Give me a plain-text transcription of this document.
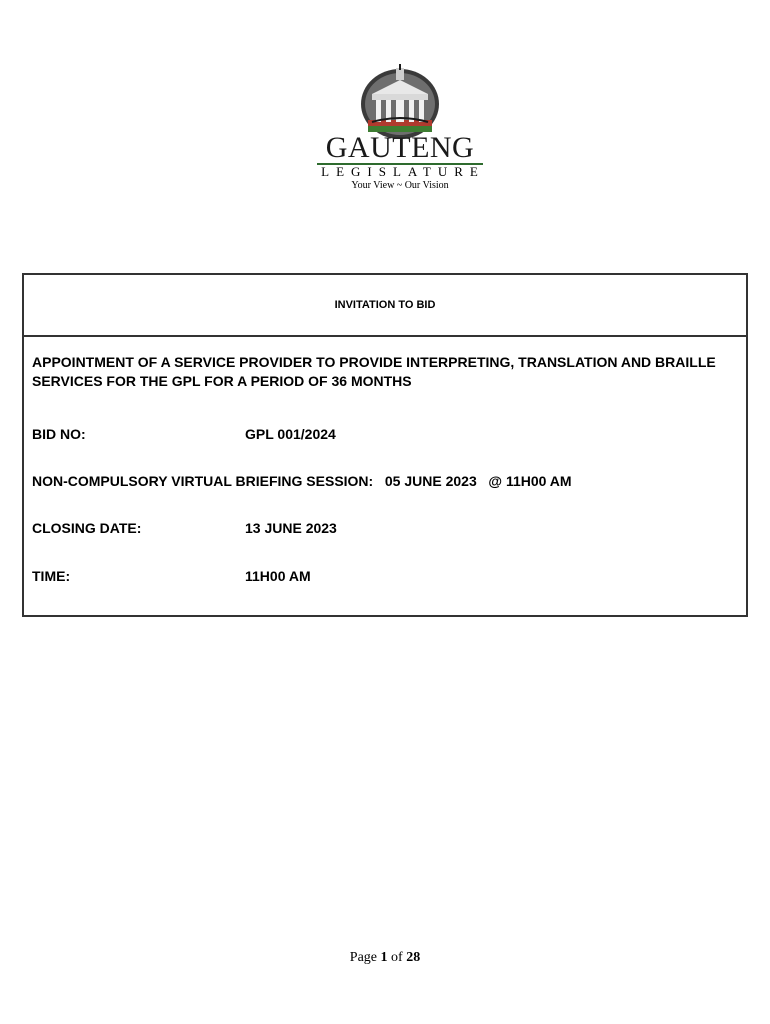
GAUTENG
LEGISLATURE
Your View ~ Our Vision
INVITATION TO BID
APPOINTMENT OF A SERVICE PROVIDER TO PROVIDE INTERPRETING, TRANSLATION AND BRAILLE SERVICES FOR THE GPL FOR A PERIOD OF 36 MONTHS
BID NO:	GPL 001/2024
NON-COMPULSORY VIRTUAL BRIEFING SESSION: 05 JUNE 2023   @ 11H00 AM
CLOSING DATE:	13 JUNE 2023
TIME:	11H00 AM
Page 1 of 28
